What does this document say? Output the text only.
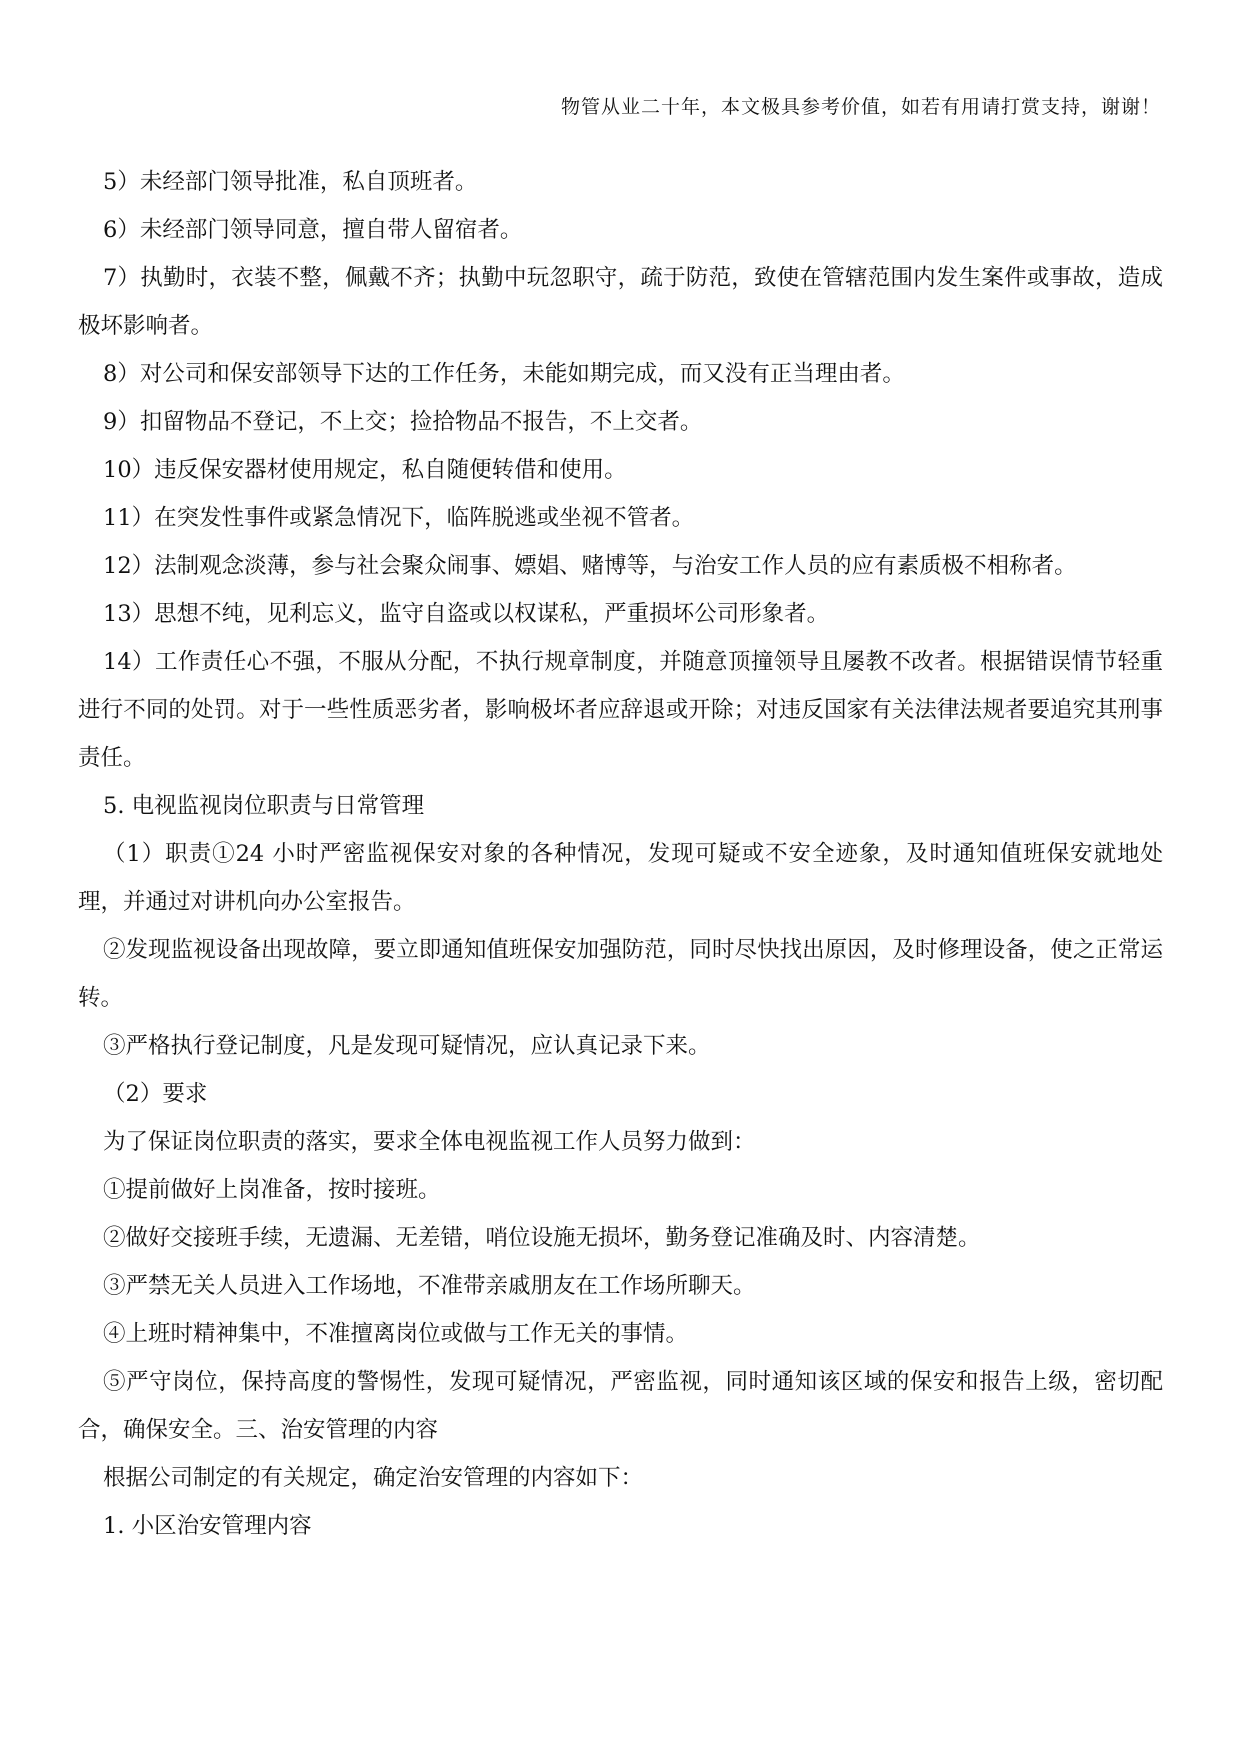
物管从业二十年，本文极具参考价值，如若有用请打赏支持，谢谢！

5）未经部门领导批准，私自顶班者。

6）未经部门领导同意，擅自带人留宿者。

7）执勤时，衣装不整，佩戴不齐；执勤中玩忽职守，疏于防范，致使在管辖范围内发生案件或事故，造成极坏影响者。

8）对公司和保安部领导下达的工作任务，未能如期完成，而又没有正当理由者。

9）扣留物品不登记，不上交；捡拾物品不报告，不上交者。

10）违反保安器材使用规定，私自随便转借和使用。

11）在突发性事件或紧急情况下，临阵脱逃或坐视不管者。

12）法制观念淡薄，参与社会聚众闹事、嫖娼、赌博等，与治安工作人员的应有素质极不相称者。

13）思想不纯，见利忘义，监守自盗或以权谋私，严重损坏公司形象者。

14）工作责任心不强，不服从分配，不执行规章制度，并随意顶撞领导且屡教不改者。根据错误情节轻重进行不同的处罚。对于一些性质恶劣者，影响极坏者应辞退或开除；对违反国家有关法律法规者要追究其刑事责任。

5. 电视监视岗位职责与日常管理

（1）职责①24 小时严密监视保安对象的各种情况，发现可疑或不安全迹象，及时通知值班保安就地处理，并通过对讲机向办公室报告。

②发现监视设备出现故障，要立即通知值班保安加强防范，同时尽快找出原因，及时修理设备，使之正常运转。

③严格执行登记制度，凡是发现可疑情况，应认真记录下来。

（2）要求

为了保证岗位职责的落实，要求全体电视监视工作人员努力做到：

①提前做好上岗准备，按时接班。

②做好交接班手续，无遗漏、无差错，哨位设施无损坏，勤务登记准确及时、内容清楚。

③严禁无关人员进入工作场地，不准带亲戚朋友在工作场所聊天。

④上班时精神集中，不准擅离岗位或做与工作无关的事情。

⑤严守岗位，保持高度的警惕性，发现可疑情况，严密监视，同时通知该区域的保安和报告上级，密切配合，确保安全。三、治安管理的内容

根据公司制定的有关规定，确定治安管理的内容如下：

1. 小区治安管理内容
